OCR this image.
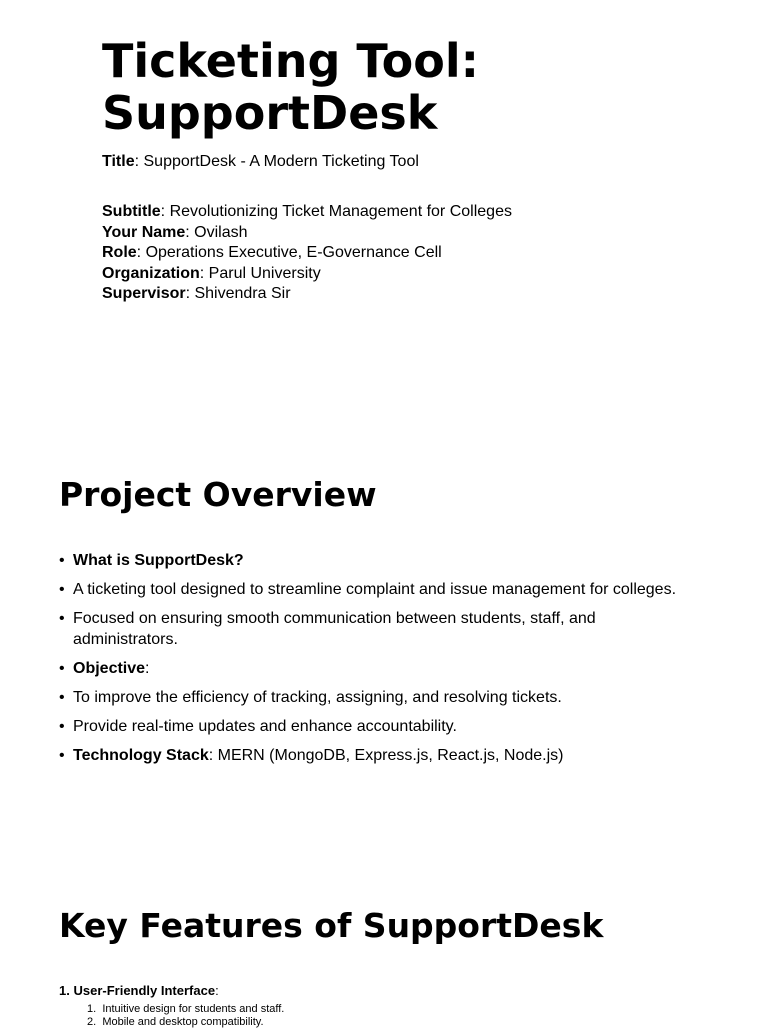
Ticketing Tool: SupportDesk
Title: SupportDesk - A Modern Ticketing Tool
Subtitle: Revolutionizing Ticket Management for Colleges
Your Name: Ovilash
Role: Operations Executive, E-Governance Cell
Organization: Parul University
Supervisor: Shivendra Sir
Project Overview
• What is SupportDesk?
• A ticketing tool designed to streamline complaint and issue management for colleges.
• Focused on ensuring smooth communication between students, staff, and administrators.
• Objective:
• To improve the efficiency of tracking, assigning, and resolving tickets.
• Provide real-time updates and enhance accountability.
• Technology Stack: MERN (MongoDB, Express.js, React.js, Node.js)
Key Features of SupportDesk
1. User-Friendly Interface:
1. Intuitive design for students and staff.
2. Mobile and desktop compatibility.
